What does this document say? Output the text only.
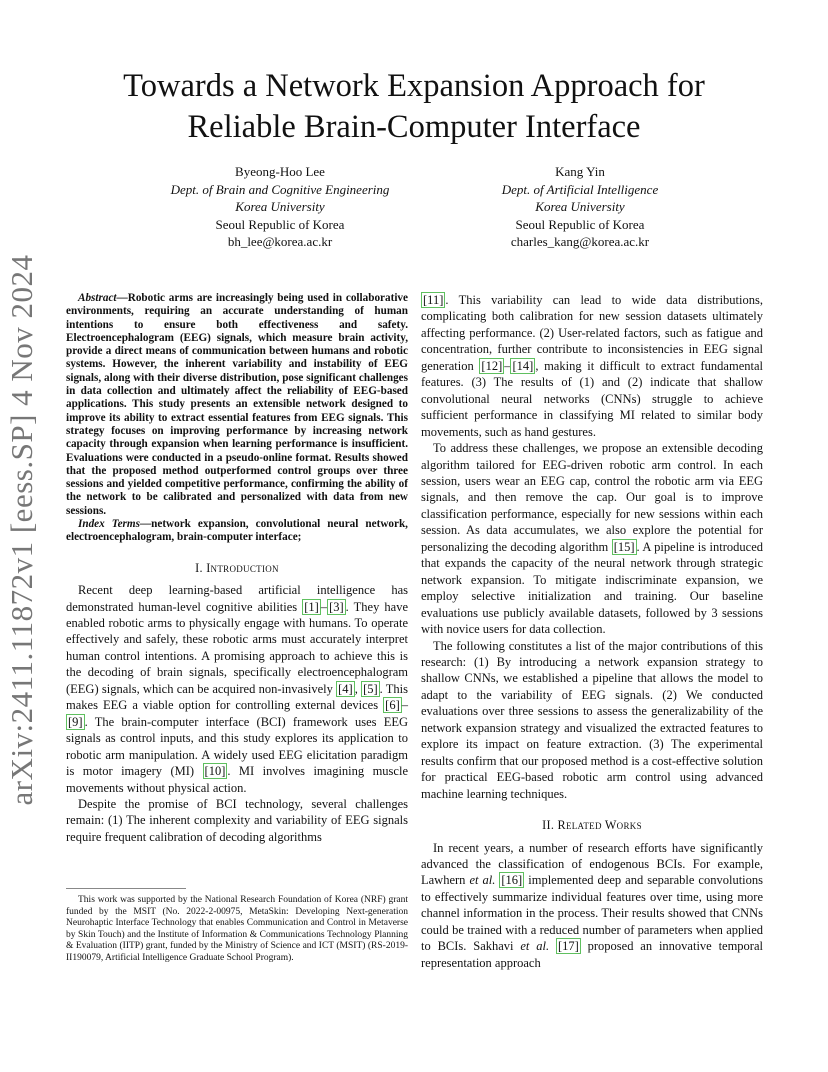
arXiv:2411.11872v1 [eess.SP] 4 Nov 2024
Towards a Network Expansion Approach for
Reliable Brain-Computer Interface
Byeong-Hoo Lee
Dept. of Brain and Cognitive Engineering
Korea University
Seoul Republic of Korea
bh_lee@korea.ac.kr
Kang Yin
Dept. of Artificial Intelligence
Korea University
Seoul Republic of Korea
charles_kang@korea.ac.kr

Abstract—Robotic arms are increasingly being used in collaborative environments, requiring an accurate understanding of human intentions to ensure both effectiveness and safety. Electroencephalogram (EEG) signals, which measure brain activity, provide a direct means of communication between humans and robotic systems. However, the inherent variability and instability of EEG signals, along with their diverse distribution, pose significant challenges in data collection and ultimately affect the reliability of EEG-based applications. This study presents an extensible network designed to improve its ability to extract essential features from EEG signals. This strategy focuses on improving performance by increasing network capacity through expansion when learning performance is insufficient. Evaluations were conducted in a pseudo-online format. Results showed that the proposed method outperformed control groups over three sessions and yielded competitive performance, confirming the ability of the network to be calibrated and personalized with data from new sessions.

Index Terms—network expansion, convolutional neural network, electroencephalogram, brain-computer interface;

I. Introduction

Recent deep learning-based artificial intelligence has demonstrated human-level cognitive abilities [1] – [3] . They have enabled robotic arms to physically engage with humans. To operate effectively and safely, these robotic arms must accurately interpret human control intentions. A promising approach to achieve this is the decoding of brain signals, specifically electroencephalogram (EEG) signals, which can be acquired non-invasively [4] , [5] . This makes EEG a viable option for controlling external devices [6] –[9] . The brain-computer interface (BCI) framework uses EEG signals as control inputs, and this study explores its application to robotic arm manipulation. A widely used EEG elicitation paradigm is motor imagery (MI) [10] . MI involves imagining muscle movements without physical action.

Despite the promise of BCI technology, several challenges remain: (1) The inherent complexity and variability of EEG signals require frequent calibration of decoding algorithms

This work was supported by the National Research Foundation of Korea (NRF) grant funded by the MSIT (No. 2022-2-00975, MetaSkin: Developing Next-generation Neurohaptic Interface Technology that enables Communication and Control in Metaverse by Skin Touch) and the Institute of Information & Communications Technology Planning & Evaluation (IITP) grant, funded by the Ministry of Science and ICT (MSIT) (RS-2019-II190079, Artificial Intelligence Graduate School Program).

[11] . This variability can lead to wide data distributions, complicating both calibration for new session datasets ultimately affecting performance. (2) User-related factors, such as fatigue and concentration, further contribute to inconsistencies in EEG signal generation [12] – [14] , making it difficult to extract fundamental features. (3) The results of (1) and (2) indicate that shallow convolutional neural networks (CNNs) struggle to achieve sufficient performance in classifying MI related to similar body movements, such as hand gestures.

To address these challenges, we propose an extensible decoding algorithm tailored for EEG-driven robotic arm control. In each session, users wear an EEG cap, control the robotic arm via EEG signals, and then remove the cap. Our goal is to improve classification performance, especially for new sessions within each session. As data accumulates, we also explore the potential for personalizing the decoding algorithm [15] . A pipeline is introduced that expands the capacity of the neural network through strategic network expansion. To mitigate indiscriminate expansion, we employ selective initialization and training. Our baseline evaluations use publicly available datasets, followed by 3 sessions with novice users for data collection.

The following constitutes a list of the major contributions of this research: (1) By introducing a network expansion strategy to shallow CNNs, we established a pipeline that allows the model to adapt to the variability of EEG signals. (2) We conducted evaluations over three sessions to assess the generalizability of the network expansion strategy and visualized the extracted features to explore its impact on feature extraction. (3) The experimental results confirm that our proposed method is a cost-effective solution for practical EEG-based robotic arm control using advanced machine learning techniques.

II. Related Works

In recent years, a number of research efforts have significantly advanced the classification of endogenous BCIs. For example, Lawhern et al. [16] implemented deep and separable convolutions to effectively summarize individual features over time, using more channel information in the process. Their results showed that CNNs could be trained with a reduced number of parameters when applied to BCIs. Sakhavi et al. [17] proposed an innovative temporal representation approach
